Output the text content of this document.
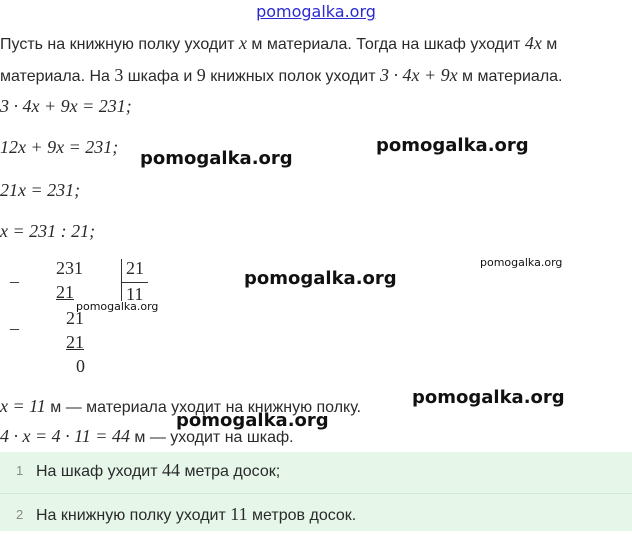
pomogalka.org
Пусть на книжную полку уходит x м материала. Тогда на шкаф уходит 4x м
материала. На 3 шкафа и 9 книжных полок уходит 3 · 4x + 9x м материала.
3 · 4x + 9x = 231;
12x + 9x = 231;
21x = 231;
x = 231 : 21;
–
–
231
21
21
21
0
21
11
x = 11 м — материала уходит на книжную полку.
4 · x = 4 · 11 = 44 м — уходит на шкаф.
1 На шкаф уходит 44 метра досок;
2 На книжную полку уходит 11 метров досок.
pomogalka.org
pomogalka.org
pomogalka.org
pomogalka.org
pomogalka.org
pomogalka.org
pomogalka.org
